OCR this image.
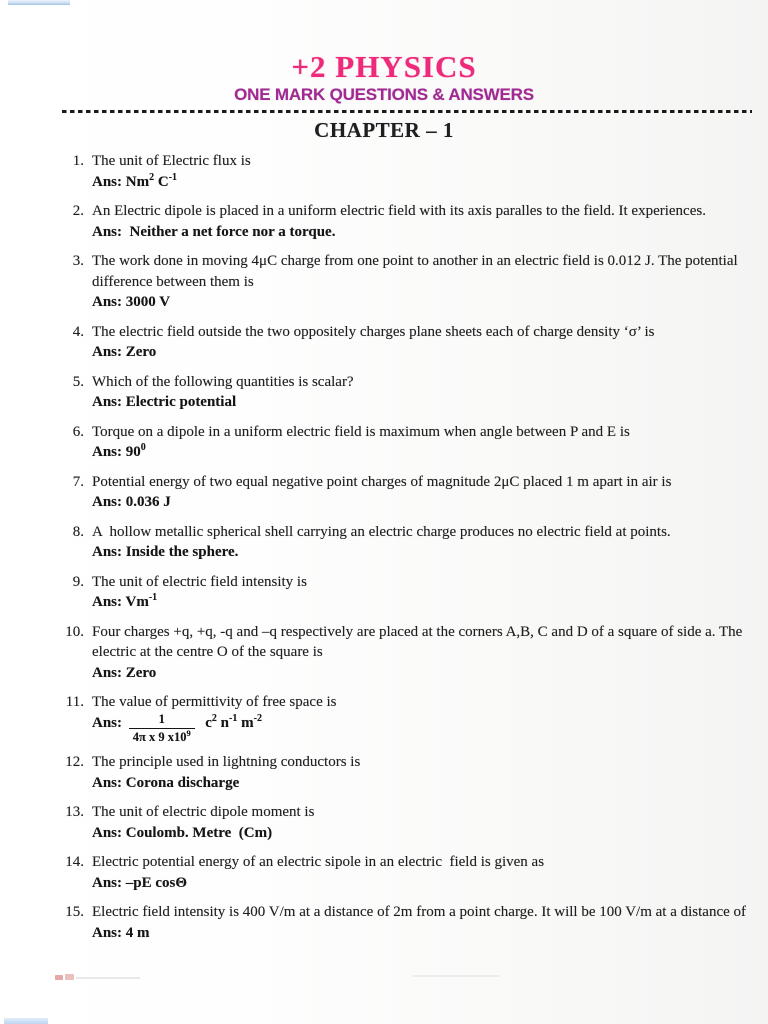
+2 PHYSICS
ONE MARK QUESTIONS & ANSWERS
CHAPTER – 1
1. The unit of Electric flux is
Ans: Nm$^2$ $C^{-1}$
2. An Electric dipole is placed in a uniform electric field with its axis paralles to the field. It experiences.
Ans:  Neither a net force nor a torque.
3. The work done in moving 4μC charge from one point to another in an electric field is 0.012 J. The potential difference between them is
Ans: 3000 V
4. The electric field outside the two oppositely charges plane sheets each of charge density ‘σ’ is
Ans: Zero
5. Which of the following quantities is scalar?
Ans: Electric potential
6. Torque on a dipole in a uniform electric field is maximum when angle between P and E is
Ans: $90^0$
7. Potential energy of two equal negative point charges of magnitude 2μC placed 1 m apart in air is
Ans: 0.036 J
8. A  hollow metallic spherical shell carrying an electric charge produces no electric field at points.
Ans: Inside the sphere.
9. The unit of electric field intensity is
Ans: $Vm^{-1}$
10. Four charges +q, +q, -q and –q respectively are placed at the corners A,B, C and D of a square of side a. The electric at the centre O of the square is
Ans: Zero
11. The value of permittivity of free space is
Ans: $\frac{1}{4\pi x 9 x10^9} c^2$ $n^{-1}$ $m^{-2}$
12. The principle used in lightning conductors is
Ans: Corona discharge
13. The unit of electric dipole moment is
Ans: Coulomb. Metre  (Cm)
14. Electric potential energy of an electric sipole in an electric  field is given as
Ans: –pE cosΘ
15. Electric field intensity is 400 V/m at a distance of 2m from a point charge. It will be 100 V/m at a distance of
Ans: 4 m
